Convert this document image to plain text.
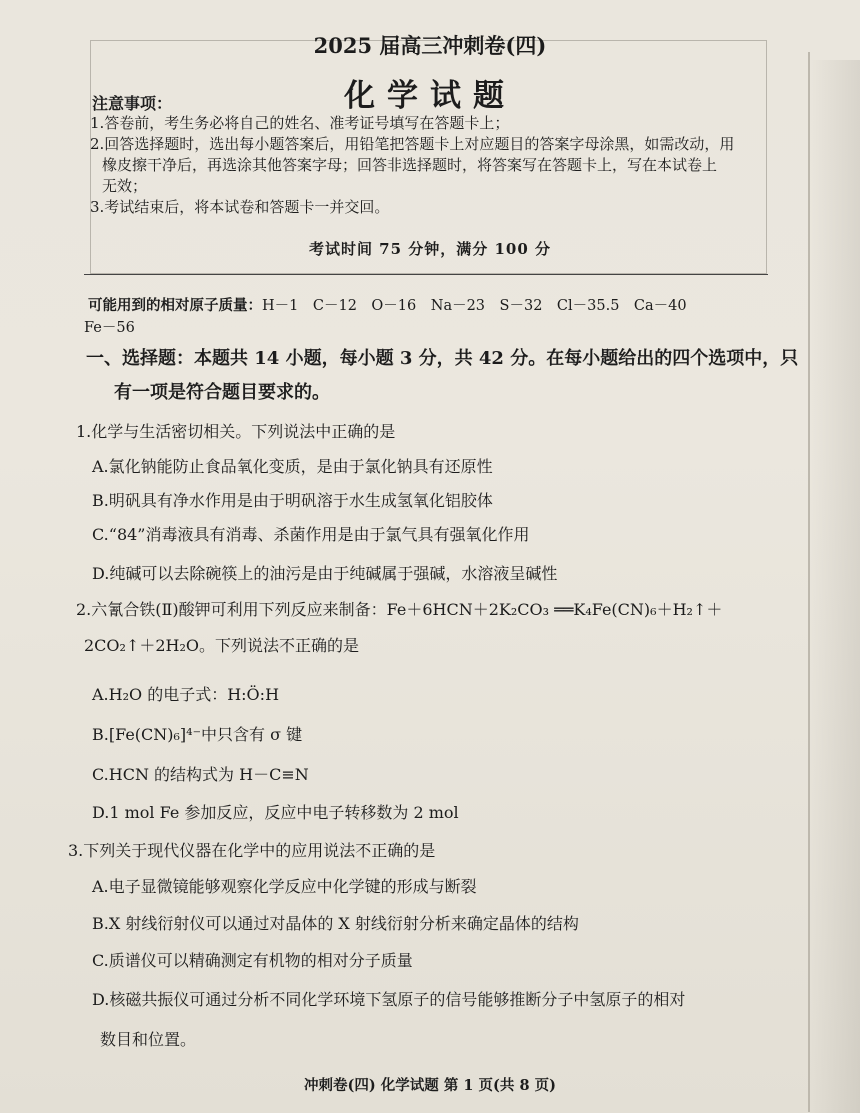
2025 届高三冲刺卷(四)
化学试题
注意事项：
1.答卷前，考生务必将自己的姓名、准考证号填写在答题卡上；
2.回答选择题时，选出每小题答案后，用铅笔把答题卡上对应题目的答案字母涂黑，如需改动，用
橡皮擦干净后，再选涂其他答案字母；回答非选择题时，将答案写在答题卡上，写在本试卷上
无效；
3.考试结束后，将本试卷和答题卡一并交回。
考试时间 75 分钟，满分 100 分
可能用到的相对原子质量：H－1　C－12　O－16　Na－23　S－32　Cl－35.5　Ca－40
Fe－56
一、选择题：本题共 14 小题，每小题 3 分，共 42 分。在每小题给出的四个选项中，只
有一项是符合题目要求的。
1.化学与生活密切相关。下列说法中正确的是
A.氯化钠能防止食品氧化变质，是由于氯化钠具有还原性
B.明矾具有净水作用是由于明矾溶于水生成氢氧化铝胶体
C.“84”消毒液具有消毒、杀菌作用是由于氯气具有强氧化作用
D.纯碱可以去除碗筷上的油污是由于纯碱属于强碱，水溶液呈碱性
2.六氰合铁(Ⅱ)酸钾可利用下列反应来制备：Fe＋6HCN＋2K₂CO₃ ══K₄Fe(CN)₆＋H₂↑＋
2CO₂↑＋2H₂O。下列说法不正确的是
A.H₂O 的电子式：H:Ö:H
B.[Fe(CN)₆]⁴⁻中只含有 σ 键
C.HCN 的结构式为 H－C≡N
D.1 mol Fe 参加反应，反应中电子转移数为 2 mol
3.下列关于现代仪器在化学中的应用说法不正确的是
A.电子显微镜能够观察化学反应中化学键的形成与断裂
B.X 射线衍射仪可以通过对晶体的 X 射线衍射分析来确定晶体的结构
C.质谱仪可以精确测定有机物的相对分子质量
D.核磁共振仪可通过分析不同化学环境下氢原子的信号能够推断分子中氢原子的相对
数目和位置。
冲刺卷(四) 化学试题 第 1 页(共 8 页)
